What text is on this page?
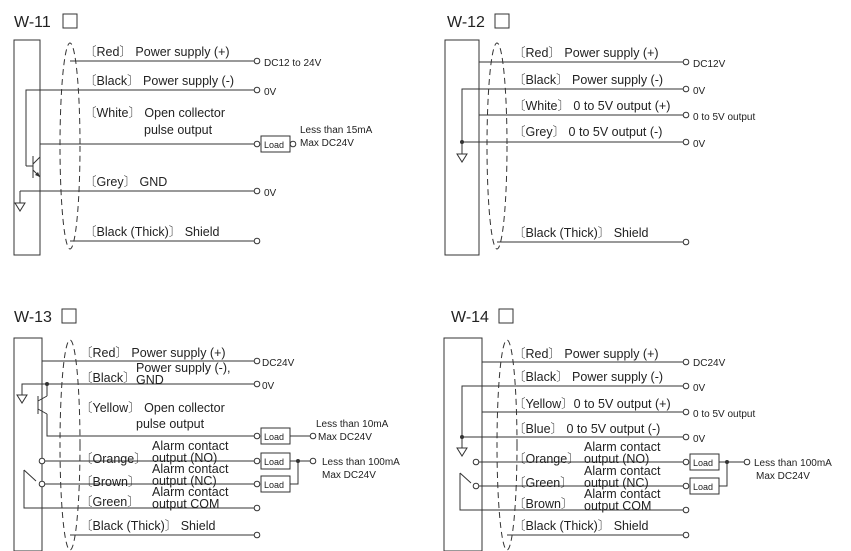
W-11
〔Red〕 Power supply (+)
DC12 to 24V
〔Black〕 Power supply (-)
0V
Load
〔White〕 Open collector
pulse output	Less than 15mA
Max DC24V
〔Grey〕 GND
0V
〔Black (Thick)〕 Shield
W-12
〔Red〕 Power supply (+)
DC12V
〔Black〕 Power supply (-)
0V
〔White〕 0 to 5V output (+)
0 to 5V output
〔Grey〕 0 to 5V output (-)
0V
〔Black (Thick)〕 Shield
W-13
〔Red〕 Power supply (+)
DC24V
〔Black〕
Power supply (-),
GND	0V
Load
〔Yellow〕 Open collector
pulse output	Less than 10mA
Max DC24V
Load
〔Orange〕
Alarm contact
output (NO)	Less than 100mA
Max DC24V
Load
〔Brown〕
Alarm contact
output (NC)
〔Green〕
Alarm contact
output COM
〔Black (Thick)〕 Shield
W-14
〔Red〕 Power supply (+)
DC24V
〔Black〕 Power supply (-)
0V
〔Yellow〕0 to 5V output (+)
0 to 5V output
〔Blue〕 0 to 5V output (-)
0V
Load
〔Orange〕
Alarm contact
output (NO)	Less than 100mA
Max DC24V
Load
〔Green〕
Alarm contact
output (NC)
〔Brown〕
Alarm contact
output COM
〔Black (Thick)〕 Shield
